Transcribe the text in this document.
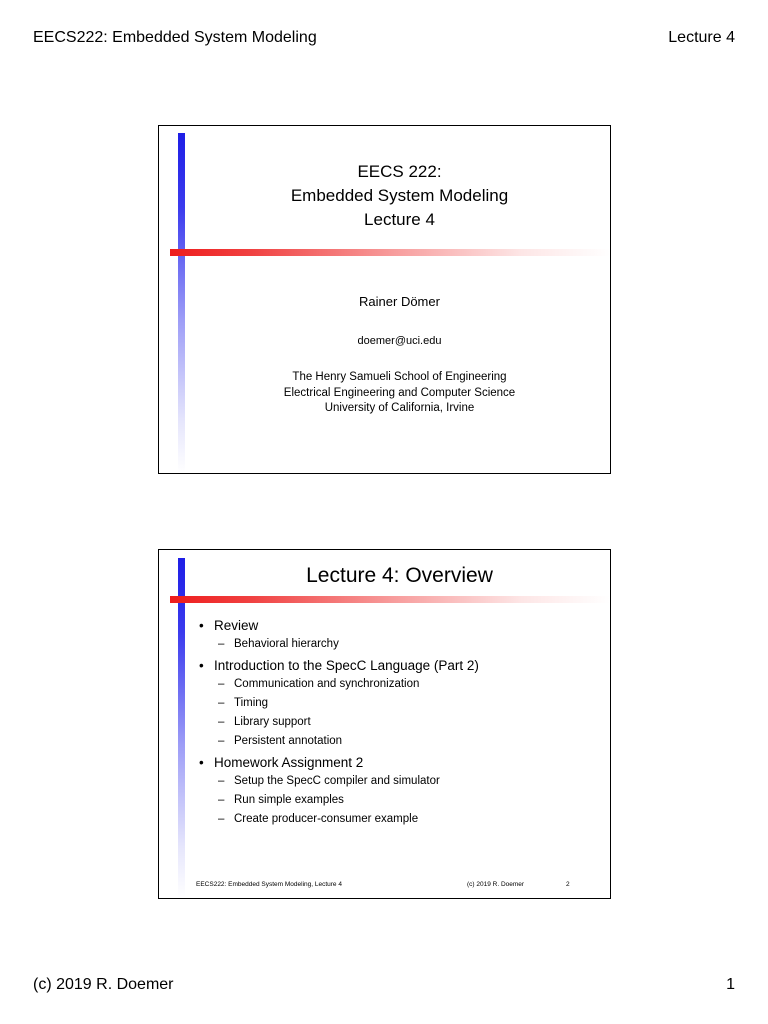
EECS222: Embedded System Modeling	Lecture 4
EECS 222:
Embedded System Modeling
Lecture 4
Rainer Dömer
doemer@uci.edu
The Henry Samueli School of Engineering
Electrical Engineering and Computer Science
University of California, Irvine
Lecture 4: Overview
• Review
– Behavioral hierarchy
• Introduction to the SpecC Language (Part 2)
– Communication and synchronization
– Timing
– Library support
– Persistent annotation
• Homework Assignment 2
– Setup the SpecC compiler and simulator
– Run simple examples
– Create producer-consumer example
EECS222: Embedded System Modeling, Lecture 4	(c) 2019 R. Doemer	2
(c) 2019 R. Doemer	1
